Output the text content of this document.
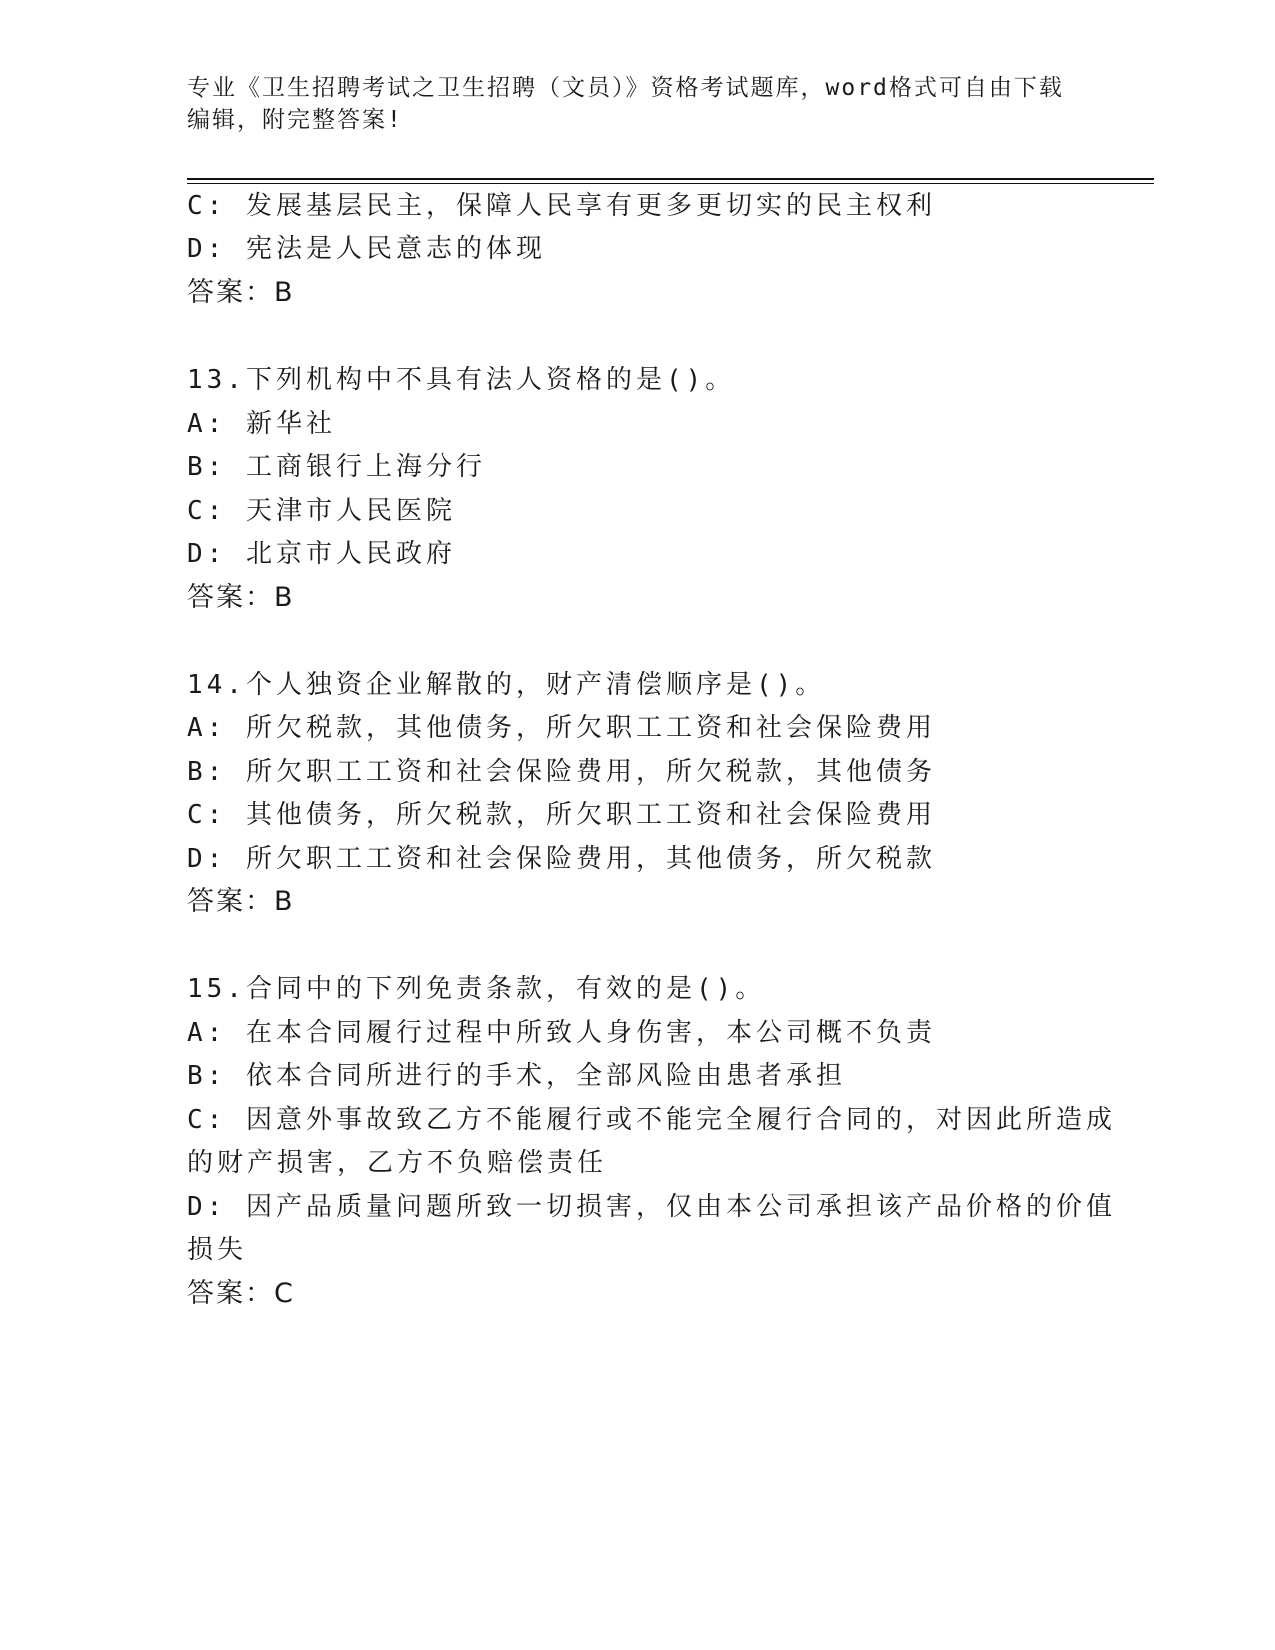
专业《卫生招聘考试之卫生招聘（文员）》资格考试题库，word格式可自由下载
编辑，附完整答案!
C: 发展基层民主，保障人民享有更多更切实的民主权利
D: 宪法是人民意志的体现
答案：B
13.下列机构中不具有法人资格的是()。
A: 新华社
B: 工商银行上海分行
C: 天津市人民医院
D: 北京市人民政府
答案：B
14.个人独资企业解散的，财产清偿顺序是()。
A: 所欠税款，其他债务，所欠职工工资和社会保险费用
B: 所欠职工工资和社会保险费用，所欠税款，其他债务
C: 其他债务，所欠税款，所欠职工工资和社会保险费用
D: 所欠职工工资和社会保险费用，其他债务，所欠税款
答案：B
15.合同中的下列免责条款，有效的是()。
A: 在本合同履行过程中所致人身伤害，本公司概不负责
B: 依本合同所进行的手术，全部风险由患者承担
C: 因意外事故致乙方不能履行或不能完全履行合同的，对因此所造成
的财产损害，乙方不负赔偿责任
D: 因产品质量问题所致一切损害，仅由本公司承担该产品价格的价值
损失
答案：C
